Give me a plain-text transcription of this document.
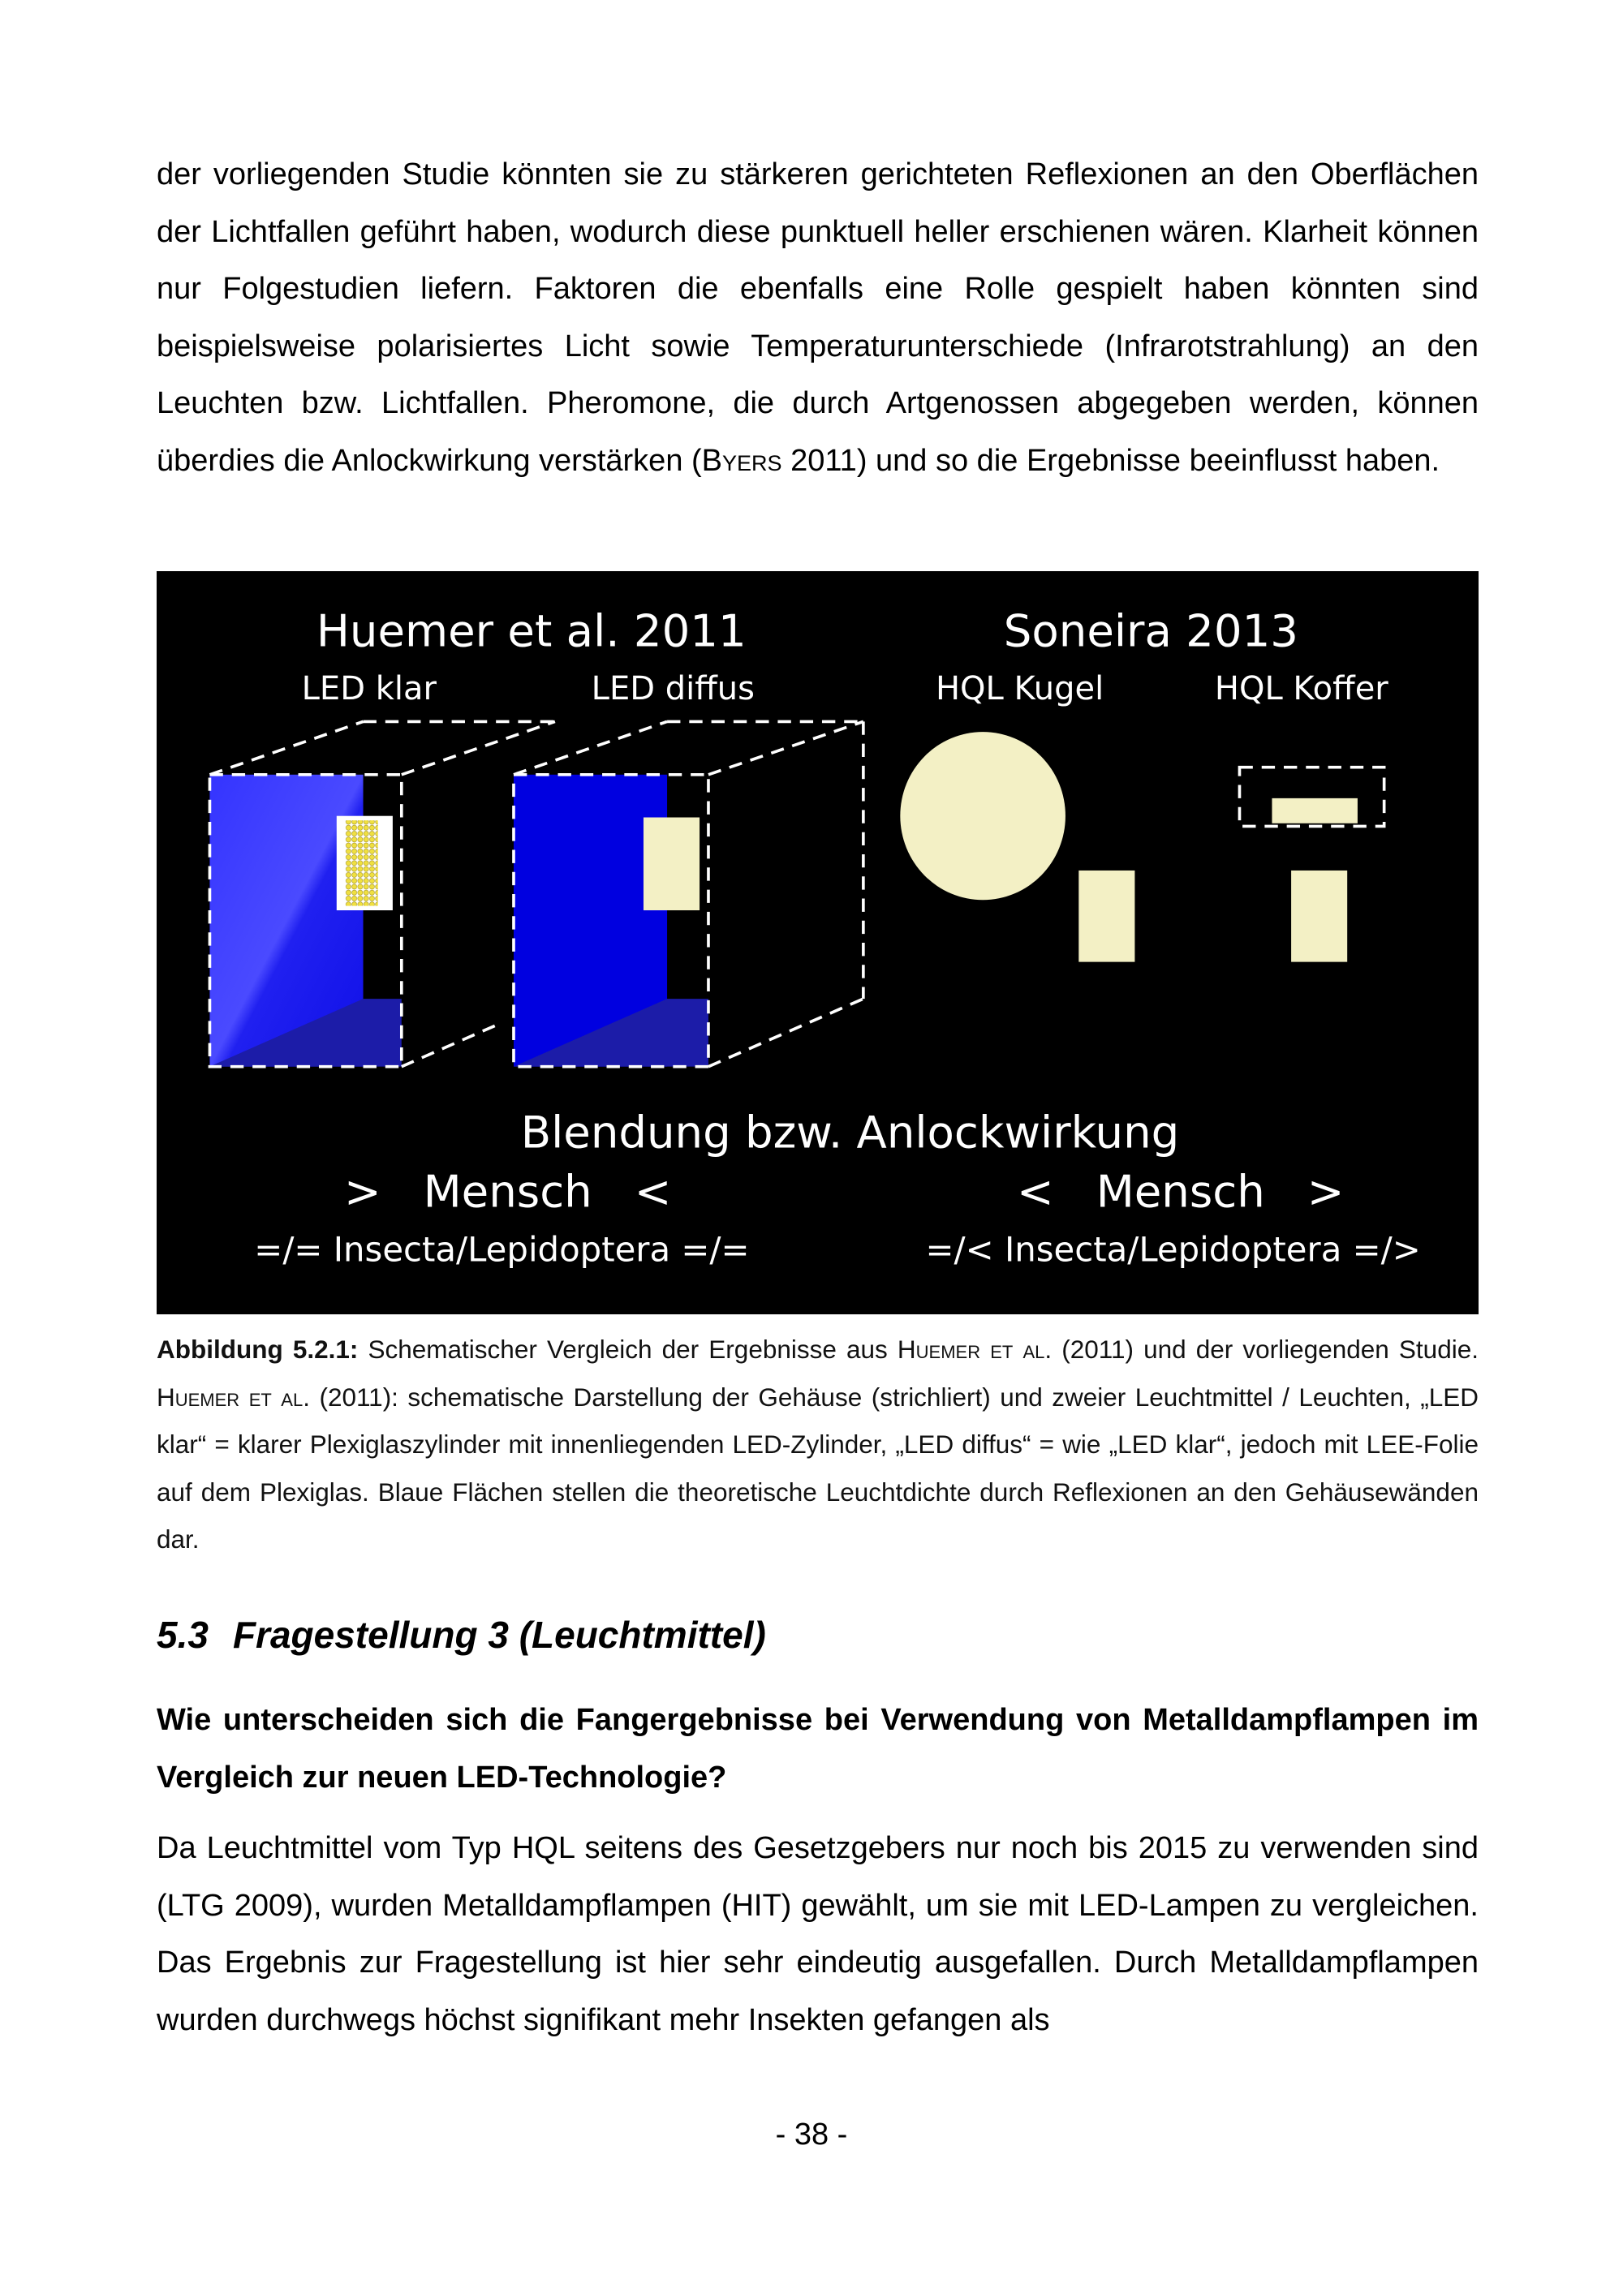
der vorliegenden Studie könnten sie zu stärkeren gerichteten Reflexionen an den Oberflächen der Lichtfallen geführt haben, wodurch diese punktuell heller erschienen wären. Klarheit können nur Folgestudien liefern. Faktoren die ebenfalls eine Rolle gespielt haben könnten sind beispielsweise polarisiertes Licht sowie Temperaturunterschiede (Infrarotstrahlung) an den Leuchten bzw. Lichtfallen. Pheromone, die durch Artgenossen abgegeben werden, können überdies die Anlockwirkung verstärken (Byers 2011) und so die Ergebnisse beeinflusst haben.
Huemer et al. 2011	Soneira 2013
LED klar	LED diffus	HQL Kugel	HQL Koffer
Blendung bzw. Anlockwirkung
>   Mensch   <	<   Mensch   >
=/= Insecta/Lepidoptera =/=	=/< Insecta/Lepidoptera =/>
Abbildung 5.2.1: Schematischer Vergleich der Ergebnisse aus Huemer et al. (2011) und der vorliegenden Studie. Huemer et al. (2011): schematische Darstellung der Gehäuse (strichliert) und zweier Leuchtmittel / Leuchten, „LED klar“ = klarer Plexiglaszylinder mit innenliegenden LED-Zylinder, „LED diffus“ = wie „LED klar“, jedoch mit LEE-Folie auf dem Plexiglas. Blaue Flächen stellen die theoretische Leuchtdichte durch Reflexionen an den Gehäusewänden dar.
5.3 Fragestellung 3 (Leuchtmittel)
Wie unterscheiden sich die Fangergebnisse bei Verwendung von Metalldampflampen im Vergleich zur neuen LED-Technologie?
Da Leuchtmittel vom Typ HQL seitens des Gesetzgebers nur noch bis 2015 zu verwenden sind (LTG 2009), wurden Metalldampflampen (HIT) gewählt, um sie mit LED-Lampen zu vergleichen. Das Ergebnis zur Fragestellung ist hier sehr eindeutig ausgefallen. Durch Metalldampflampen wurden durchwegs höchst signifikant mehr Insekten gefangen als
- 38 -
